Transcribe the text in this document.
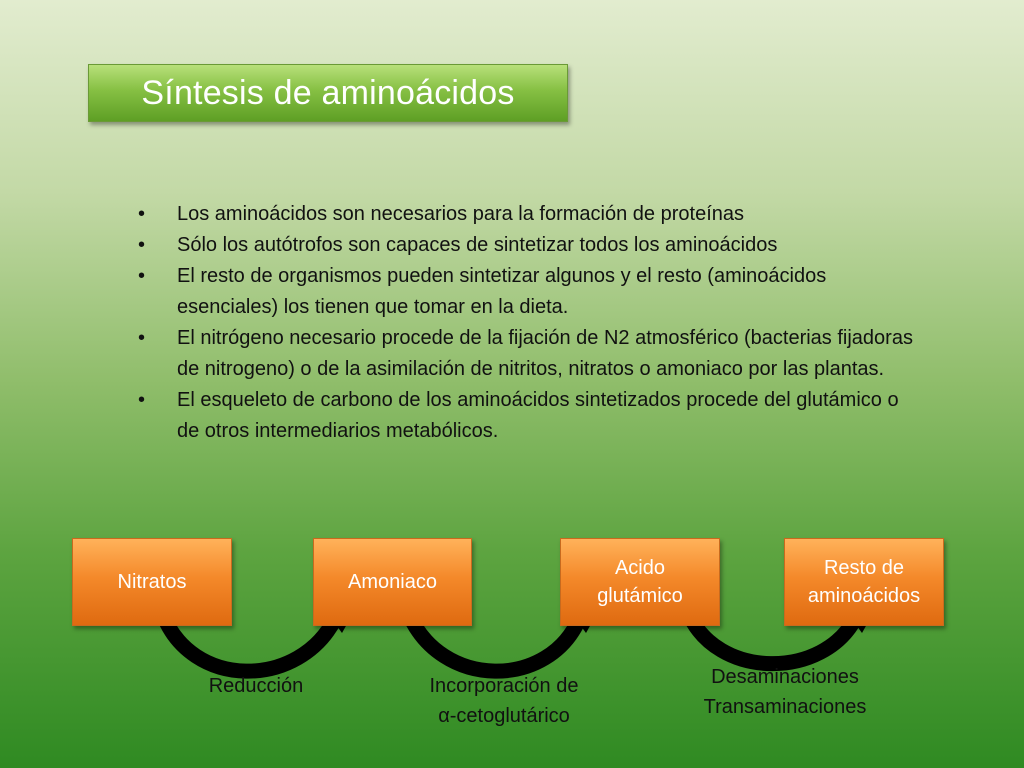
Síntesis de aminoácidos
• Los aminoácidos son necesarios para la formación de proteínas
• Sólo los autótrofos son capaces de sintetizar todos los aminoácidos
• El resto de organismos pueden sintetizar algunos y el resto (aminoácidos esenciales) los tienen que tomar en la dieta.
• El nitrógeno necesario procede de la fijación de N2 atmosférico (bacterias fijadoras de nitrogeno) o de la asimilación de nitritos, nitratos o amoniaco por las plantas.
• El esqueleto de carbono de los aminoácidos sintetizados procede del glutámico o de otros intermediarios metabólicos.
Nitratos	Amoniaco
Acido
glutámico
Resto de
aminoácidos
Reducción	Incorporación de
α-cetoglutárico
Desaminaciones
Transaminaciones
